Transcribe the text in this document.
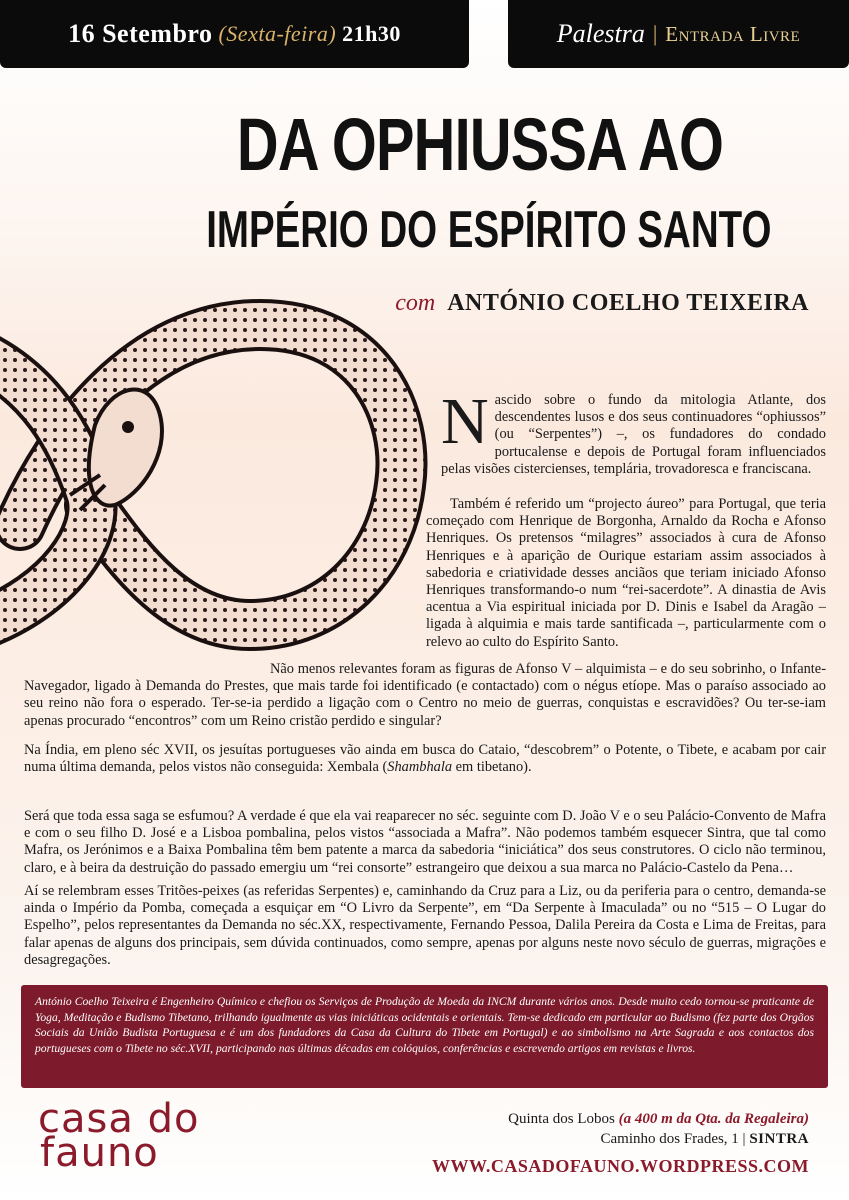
16 Setembro (Sexta-feira) 21h30	Palestra | Entrada Livre
DA OPHIUSSA AO
IMPÉRIO DO ESPÍRITO SANTO
com ANTÓNIO COELHO TEIXEIRA

Nascido sobre o fundo da mitologia Atlante, dos descendentes lusos e dos seus continuadores “ophiussos” (ou “Serpentes”) –, os fundadores do condado portucalense e depois de Portugal foram influenciados pelas visões cistercienses, templária, trovadoresca e franciscana.

Também é referido um “projecto áureo” para Portugal, que teria começado com Henrique de Borgonha, Arnaldo da Rocha e Afonso Henriques. Os pretensos “milagres” associados à cura de Afonso Henriques e à aparição de Ourique estariam assim associados à sabedoria e criatividade desses anciãos que teriam iniciado Afonso Henriques transformando-o num “rei-sacerdote”. A dinastia de Avis acentua a Via espiritual iniciada por D. Dinis e Isabel da Aragão – ligada à alquimia e mais tarde santificada –, particularmente com o relevo ao culto do Espírito Santo.

Não menos relevantes foram as figuras de Afonso V – alquimista – e do seu sobrinho, o Infante-Navegador, ligado à Demanda do Prestes, que mais tarde foi identificado (e contactado) com o négus etíope. Mas o paraíso associado ao seu reino não fora o esperado. Ter-se-ia perdido a ligação com o Centro no meio de guerras, conquistas e escravidões? Ou ter-se-iam apenas procurado “encontros” com um Reino cristão perdido e singular?

Na Índia, em pleno séc XVII, os jesuítas portugueses vão ainda em busca do Cataio, “descobrem” o Potente, o Tibete, e acabam por cair numa última demanda, pelos vistos não conseguida: Xembala (Shambhala em tibetano).

Será que toda essa saga se esfumou? A verdade é que ela vai reaparecer no séc. seguinte com D. João V e o seu Palácio-Convento de Mafra e com o seu filho D. José e a Lisboa pombalina, pelos vistos “associada a Mafra”. Não podemos também esquecer Sintra, que tal como Mafra, os Jerónimos e a Baixa Pombalina têm bem patente a marca da sabedoria “iniciática” dos seus construtores. O ciclo não terminou, claro, e à beira da destruição do passado emergiu um “rei consorte” estrangeiro que deixou a sua marca no Palácio-Castelo da Pena…

Aí se relembram esses Tritões-peixes (as referidas Serpentes) e, caminhando da Cruz para a Liz, ou da periferia para o centro, demanda-se ainda o Império da Pomba, começada a esquiçar em “O Livro da Serpente”, em “Da Serpente à Imaculada” ou no “515 – O Lugar do Espelho”, pelos representantes da Demanda no séc.XX, respectivamente, Fernando Pessoa, Dalila Pereira da Costa e Lima de Freitas, para falar apenas de alguns dos principais, sem dúvida continuados, como sempre, apenas por alguns neste novo século de guerras, migrações e desagregações.

António Coelho Teixeira é Engenheiro Químico e chefiou os Serviços de Produção de Moeda da INCM durante vários anos. Desde muito cedo tornou-se praticante de Yoga, Meditação e Budismo Tibetano, trilhando igualmente as vias iniciáticas ocidentais e orientais. Tem-se dedicado em particular ao Budismo (fez parte dos Orgãos Sociais da União Budista Portuguesa e é um dos fundadores da Casa da Cultura do Tibete em Portugal) e ao simbolismo na Arte Sagrada e aos contactos dos portugueses com o Tibete no séc.XVII, participando nas últimas décadas em colóquios, conferências e escrevendo artigos em revistas e livros.
casa do
fauno
Quinta dos Lobos (a 400 m da Qta. da Regaleira)
Caminho dos Frades, 1 | SINTRA
WWW.CASADOFAUNO.WORDPRESS.COM
